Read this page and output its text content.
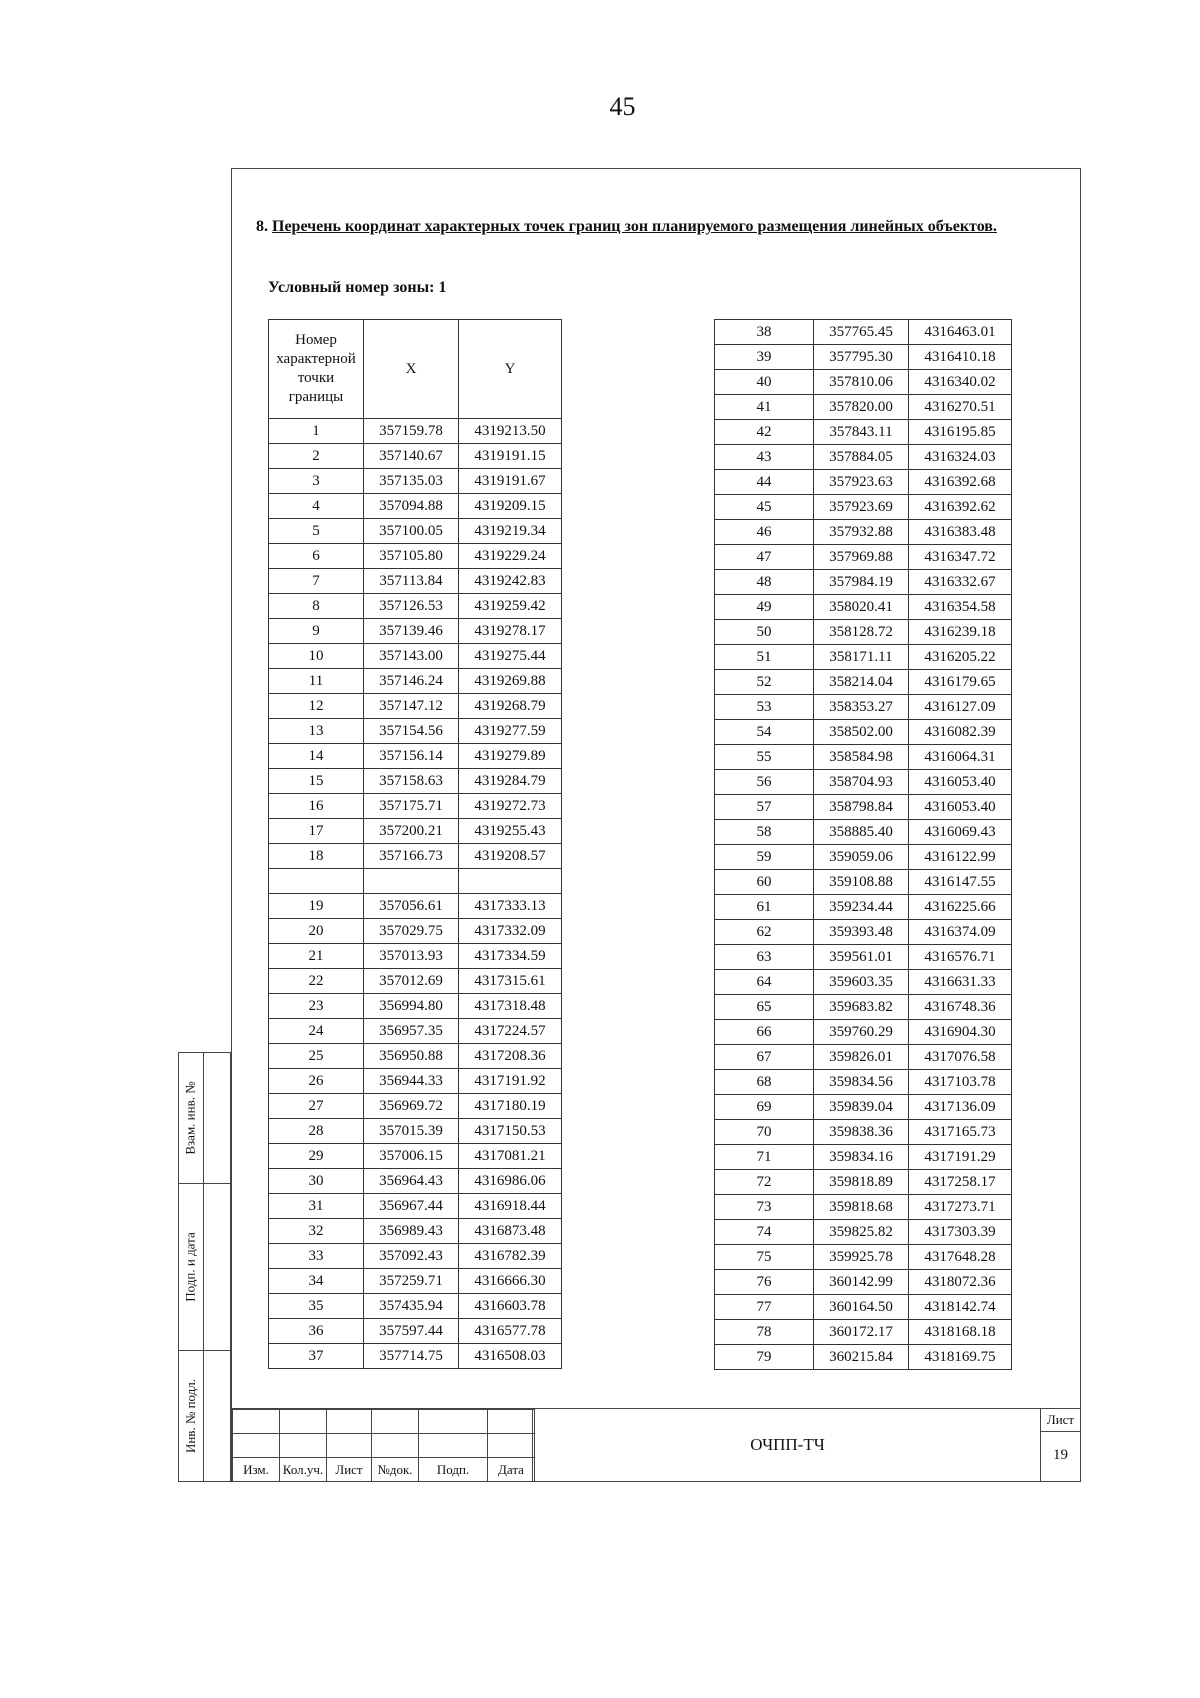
45
8. Перечень координат характерных точек границ зон планируемого размещения линейных объектов.
Условный номер зоны: 1
Номер характерной точки границы	X	Y
1	357159.78	4319213.50
2	357140.67	4319191.15
3	357135.03	4319191.67
4	357094.88	4319209.15
5	357100.05	4319219.34
6	357105.80	4319229.24
7	357113.84	4319242.83
8	357126.53	4319259.42
9	357139.46	4319278.17
10	357143.00	4319275.44
11	357146.24	4319269.88
12	357147.12	4319268.79
13	357154.56	4319277.59
14	357156.14	4319279.89
15	357158.63	4319284.79
16	357175.71	4319272.73
17	357200.21	4319255.43
18	357166.73	4319208.57

19	357056.61	4317333.13
20	357029.75	4317332.09
21	357013.93	4317334.59
22	357012.69	4317315.61
23	356994.80	4317318.48
24	356957.35	4317224.57
25	356950.88	4317208.36
26	356944.33	4317191.92
27	356969.72	4317180.19
28	357015.39	4317150.53
29	357006.15	4317081.21
30	356964.43	4316986.06
31	356967.44	4316918.44
32	356989.43	4316873.48
33	357092.43	4316782.39
34	357259.71	4316666.30
35	357435.94	4316603.78
36	357597.44	4316577.78
37	357714.75	4316508.03
38	357765.45	4316463.01
39	357795.30	4316410.18
40	357810.06	4316340.02
41	357820.00	4316270.51
42	357843.11	4316195.85
43	357884.05	4316324.03
44	357923.63	4316392.68
45	357923.69	4316392.62
46	357932.88	4316383.48
47	357969.88	4316347.72
48	357984.19	4316332.67
49	358020.41	4316354.58
50	358128.72	4316239.18
51	358171.11	4316205.22
52	358214.04	4316179.65
53	358353.27	4316127.09
54	358502.00	4316082.39
55	358584.98	4316064.31
56	358704.93	4316053.40
57	358798.84	4316053.40
58	358885.40	4316069.43
59	359059.06	4316122.99
60	359108.88	4316147.55
61	359234.44	4316225.66
62	359393.48	4316374.09
63	359561.01	4316576.71
64	359603.35	4316631.33
65	359683.82	4316748.36
66	359760.29	4316904.30
67	359826.01	4317076.58
68	359834.56	4317103.78
69	359839.04	4317136.09
70	359838.36	4317165.73
71	359834.16	4317191.29
72	359818.89	4317258.17
73	359818.68	4317273.71
74	359825.82	4317303.39
75	359925.78	4317648.28
76	360142.99	4318072.36
77	360164.50	4318142.74
78	360172.17	4318168.18
79	360215.84	4318169.75

Изм.	Кол.уч.	Лист	№док.	Подп.	Дата
ОЧПП-ТЧ
Лист
19
Взам. инв. №
Подп. и дата
Инв. № подл.
